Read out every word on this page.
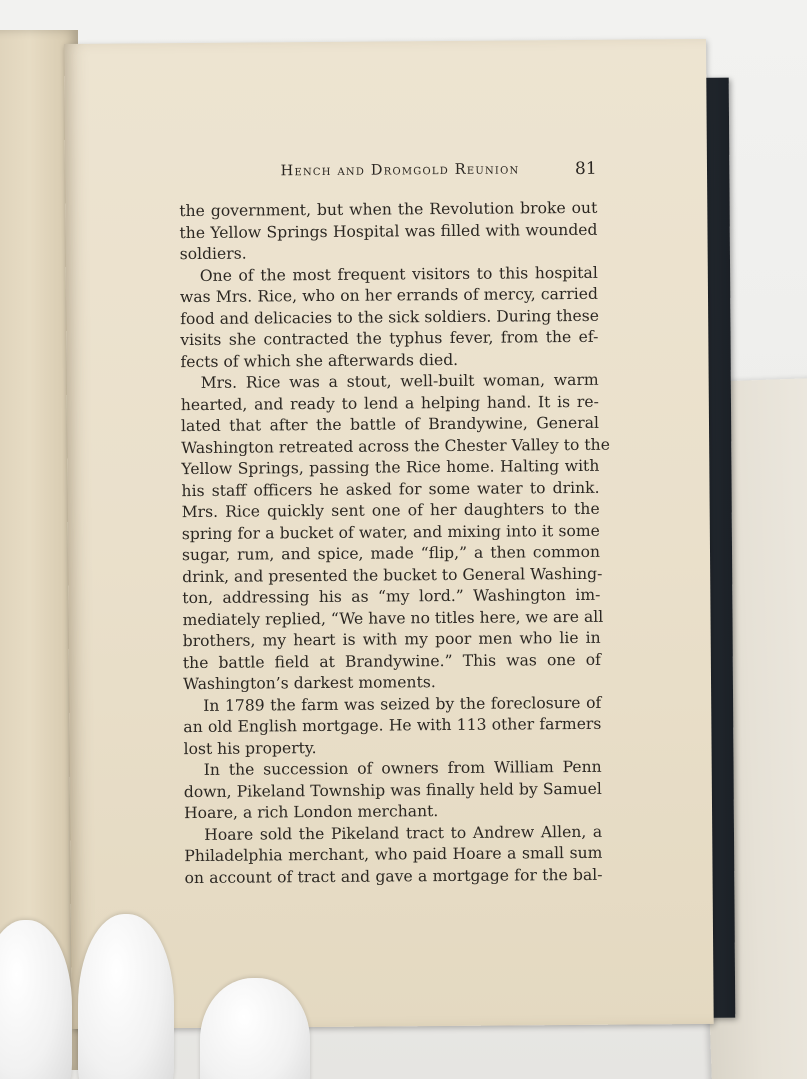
Hench and Dromgold Reunion	81
the government, but when the Revolution broke out
the Yellow Springs Hospital was filled with wounded
soldiers.
One of the most frequent visitors to this hospital
was Mrs. Rice, who on her errands of mercy, carried
food and delicacies to the sick soldiers. During these
visits she contracted the typhus fever, from the ef-
fects of which she afterwards died.
Mrs. Rice was a stout, well-built woman, warm
hearted, and ready to lend a helping hand. It is re-
lated that after the battle of Brandywine, General
Washington retreated across the Chester Valley to the
Yellow Springs, passing the Rice home. Halting with
his staff officers he asked for some water to drink.
Mrs. Rice quickly sent one of her daughters to the
spring for a bucket of water, and mixing into it some
sugar, rum, and spice, made “flip,” a then common
drink, and presented the bucket to General Washing-
ton, addressing his as “my lord.” Washington im-
mediately replied, “We have no titles here, we are all
brothers, my heart is with my poor men who lie in
the battle field at Brandywine.” This was one of
Washington’s darkest moments.
In 1789 the farm was seized by the foreclosure of
an old English mortgage. He with 113 other farmers
lost his property.
In the succession of owners from William Penn
down, Pikeland Township was finally held by Samuel
Hoare, a rich London merchant.
Hoare sold the Pikeland tract to Andrew Allen, a
Philadelphia merchant, who paid Hoare a small sum
on account of tract and gave a mortgage for the bal-
